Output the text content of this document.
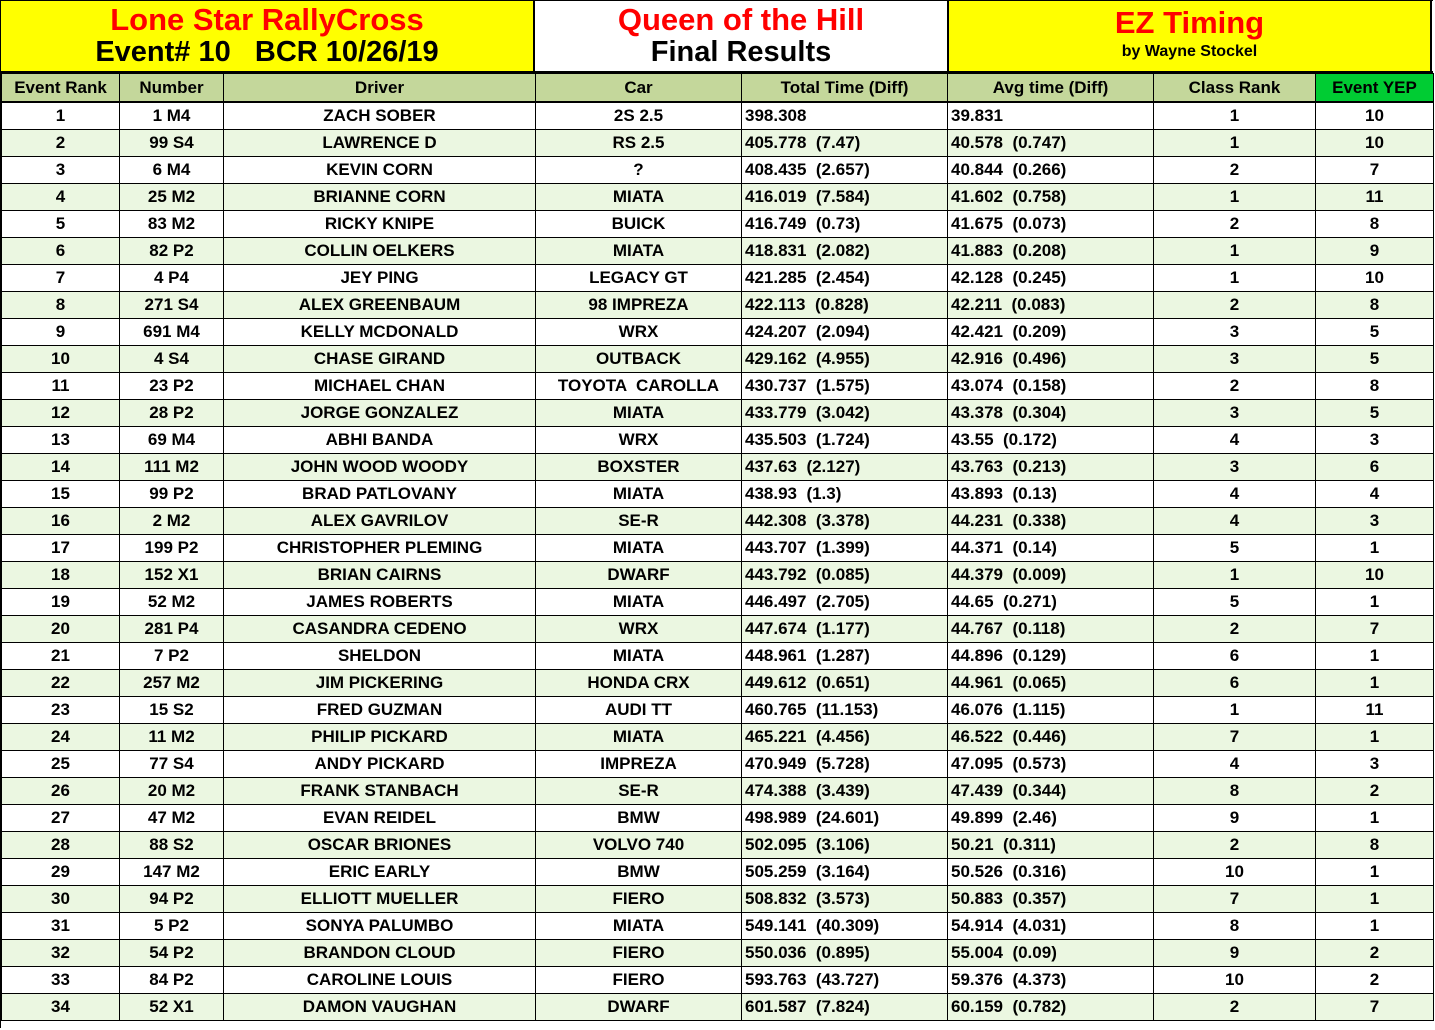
Lone Star RallyCross
Event# 10   BCR 10/26/19
Queen of the Hill
Final Results
EZ Timing
by Wayne Stockel
Event Rank	Number	Driver	Car	Total Time (Diff)	Avg time (Diff)	Class Rank	Event YEP
1	1 M4	ZACH SOBER	2S 2.5	398.308	39.831	1	10
2	99 S4	LAWRENCE D	RS 2.5	405.778  (7.47)	40.578  (0.747)	1	10
3	6 M4	KEVIN CORN	?	408.435  (2.657)	40.844  (0.266)	2	7
4	25 M2	BRIANNE CORN	MIATA	416.019  (7.584)	41.602  (0.758)	1	11
5	83 M2	RICKY KNIPE	BUICK	416.749  (0.73)	41.675  (0.073)	2	8
6	82 P2	COLLIN OELKERS	MIATA	418.831  (2.082)	41.883  (0.208)	1	9
7	4 P4	JEY PING	LEGACY GT	421.285  (2.454)	42.128  (0.245)	1	10
8	271 S4	ALEX GREENBAUM	98 IMPREZA	422.113  (0.828)	42.211  (0.083)	2	8
9	691 M4	KELLY MCDONALD	WRX	424.207  (2.094)	42.421  (0.209)	3	5
10	4 S4	CHASE GIRAND	OUTBACK	429.162  (4.955)	42.916  (0.496)	3	5
11	23 P2	MICHAEL CHAN	TOYOTA  CAROLLA	430.737  (1.575)	43.074  (0.158)	2	8
12	28 P2	JORGE GONZALEZ	MIATA	433.779  (3.042)	43.378  (0.304)	3	5
13	69 M4	ABHI BANDA	WRX	435.503  (1.724)	43.55  (0.172)	4	3
14	111 M2	JOHN WOOD WOODY	BOXSTER	437.63  (2.127)	43.763  (0.213)	3	6
15	99 P2	BRAD PATLOVANY	MIATA	438.93  (1.3)	43.893  (0.13)	4	4
16	2 M2	ALEX GAVRILOV	SE-R	442.308  (3.378)	44.231  (0.338)	4	3
17	199 P2	CHRISTOPHER PLEMING	MIATA	443.707  (1.399)	44.371  (0.14)	5	1
18	152 X1	BRIAN CAIRNS	DWARF	443.792  (0.085)	44.379  (0.009)	1	10
19	52 M2	JAMES ROBERTS	MIATA	446.497  (2.705)	44.65  (0.271)	5	1
20	281 P4	CASANDRA CEDENO	WRX	447.674  (1.177)	44.767  (0.118)	2	7
21	7 P2	SHELDON	MIATA	448.961  (1.287)	44.896  (0.129)	6	1
22	257 M2	JIM PICKERING	HONDA CRX	449.612  (0.651)	44.961  (0.065)	6	1
23	15 S2	FRED GUZMAN	AUDI TT	460.765  (11.153)	46.076  (1.115)	1	11
24	11 M2	PHILIP PICKARD	MIATA	465.221  (4.456)	46.522  (0.446)	7	1
25	77 S4	ANDY PICKARD	IMPREZA	470.949  (5.728)	47.095  (0.573)	4	3
26	20 M2	FRANK STANBACH	SE-R	474.388  (3.439)	47.439  (0.344)	8	2
27	47 M2	EVAN REIDEL	BMW	498.989  (24.601)	49.899  (2.46)	9	1
28	88 S2	OSCAR BRIONES	VOLVO 740	502.095  (3.106)	50.21  (0.311)	2	8
29	147 M2	ERIC EARLY	BMW	505.259  (3.164)	50.526  (0.316)	10	1
30	94 P2	ELLIOTT MUELLER	FIERO	508.832  (3.573)	50.883  (0.357)	7	1
31	5 P2	SONYA PALUMBO	MIATA	549.141  (40.309)	54.914  (4.031)	8	1
32	54 P2	BRANDON CLOUD	FIERO	550.036  (0.895)	55.004  (0.09)	9	2
33	84 P2	CAROLINE LOUIS	FIERO	593.763  (43.727)	59.376  (4.373)	10	2
34	52 X1	DAMON VAUGHAN	DWARF	601.587  (7.824)	60.159  (0.782)	2	7
